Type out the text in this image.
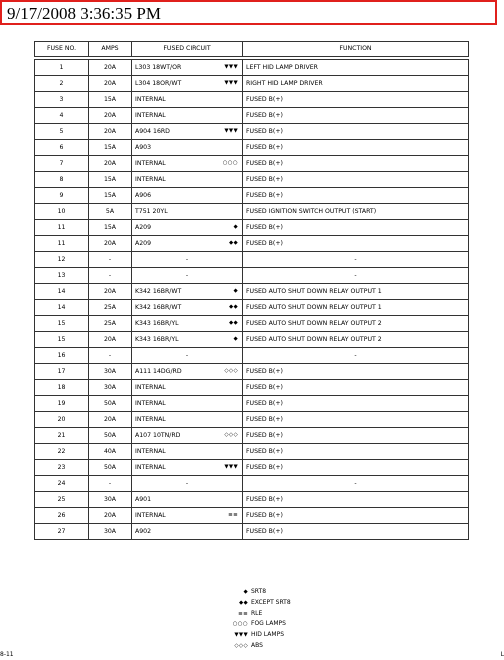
9/17/2008 3:36:35 PM
FUSE NO.	AMPS	FUSED CIRCUIT	FUNCTION

1	20A	L303 18WT/OR ▼▼▼	LEFT HID LAMP DRIVER
2	20A	L304 18OR/WT ▼▼▼	RIGHT HID LAMP DRIVER
3	15A	INTERNAL	FUSED B(+)
4	20A	INTERNAL	FUSED B(+)
5	20A	A904 16RD ▼▼▼	FUSED B(+)
6	15A	A903	FUSED B(+)
7	20A	INTERNAL ○○○	FUSED B(+)
8	15A	INTERNAL	FUSED B(+)
9	15A	A906	FUSED B(+)
10	5A	T751 20YL	FUSED IGNITION SWITCH OUTPUT (START)
11	15A	A209 ◆	FUSED B(+)
11	20A	A209 ◆◆	FUSED B(+)
12	-	-	-
13	-	-	-
14	20A	K342 16BR/WT ◆	FUSED AUTO SHUT DOWN RELAY OUTPUT 1
14	25A	K342 16BR/WT ◆◆	FUSED AUTO SHUT DOWN RELAY OUTPUT 1
15	25A	K343 16BR/YL ◆◆	FUSED AUTO SHUT DOWN RELAY OUTPUT 2
15	20A	K343 16BR/YL ◆	FUSED AUTO SHUT DOWN RELAY OUTPUT 2
16	-	-	-
17	30A	A111 14DG/RD ◇◇◇	FUSED B(+)
18	30A	INTERNAL	FUSED B(+)
19	50A	INTERNAL	FUSED B(+)
20	20A	INTERNAL	FUSED B(+)
21	50A	A107 10TN/RD ◇◇◇	FUSED B(+)
22	40A	INTERNAL	FUSED B(+)
23	50A	INTERNAL ▼▼▼	FUSED B(+)
24	-	-	-
25	30A	A901	FUSED B(+)
26	20A	INTERNAL ≡≡	FUSED B(+)
27	30A	A902	FUSED B(+)
◆ SRT8
◆◆ EXCEPT SRT8
≡≡ RLE
○○○ FOG LAMPS
▼▼▼ HID LAMPS
◇◇◇ ABS
8-11	L
